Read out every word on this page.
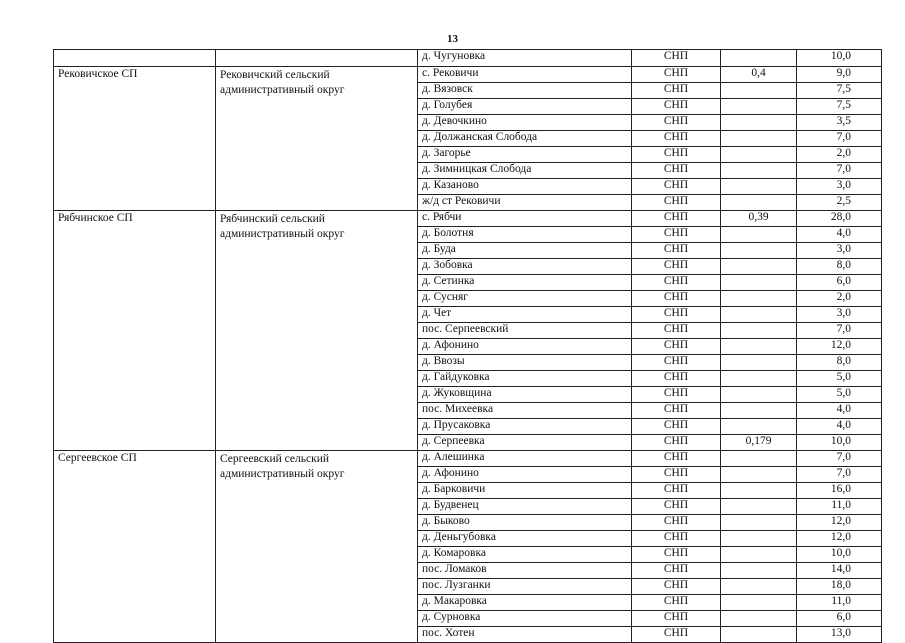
13
		д. Чугуновка	СНП		10,0
Рековичское СП	Рековичский сельский административный округ	с. Рековичи	СНП	0,4	9,0
		д. Вязовск	СНП		7,5
		д. Голубея	СНП		7,5
		д. Девочкино	СНП		3,5
		д. Должанская Слобода	СНП		7,0
		д. Загорье	СНП		2,0
		д. Зимницкая Слобода	СНП		7,0
		д. Казаново	СНП		3,0
		ж/д ст Рековичи	СНП		2,5
Рябчинское СП	Рябчинский сельский административный округ	с. Рябчи	СНП	0,39	28,0
		д. Болотня	СНП		4,0
		д. Буда	СНП		3,0
		д. Зобовка	СНП		8,0
		д. Сетинка	СНП		6,0
		д. Сусняг	СНП		2,0
		д. Чет	СНП		3,0
		пос. Серпеевский	СНП		7,0
		д. Афонино	СНП		12,0
		д. Ввозы	СНП		8,0
		д. Гайдуковка	СНП		5,0
		д. Жуковщина	СНП		5,0
		пос. Михеевка	СНП		4,0
		д. Прусаковка	СНП		4,0
		д. Серпеевка	СНП	0,179	10,0
Сергеевское СП	Сергеевский сельский административный округ	д. Алешинка	СНП		7,0
		д. Афонино	СНП		7,0
		д. Барковичи	СНП		16,0
		д. Будвенец	СНП		11,0
		д. Быково	СНП		12,0
		д. Деньгубовка	СНП		12,0
		д. Комаровка	СНП		10,0
		пос. Ломаков	СНП		14,0
		пос. Лузганки	СНП		18,0
		д. Макаровка	СНП		11,0
		д. Сурновка	СНП		6,0
		пос. Хотен	СНП		13,0
